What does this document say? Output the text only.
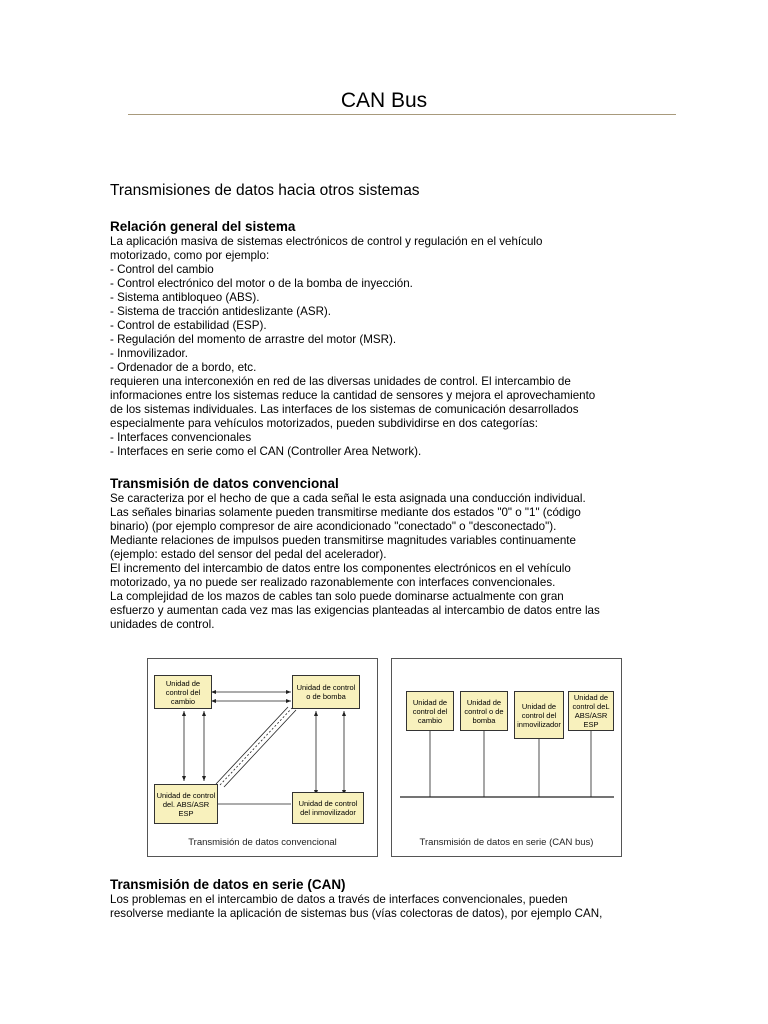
CAN Bus
Transmisiones de datos hacia otros sistemas
Relación general del sistema

La aplicación masiva de sistemas electrónicos de control y regulación en el vehículo

motorizado, como por ejemplo:

- Control del cambio

- Control electrónico del motor o de la bomba de inyección.

- Sistema antibloqueo (ABS).

- Sistema de tracción antideslizante (ASR).

- Control de estabilidad (ESP).

- Regulación del momento de arrastre del motor (MSR).

- Inmovilizador.

- Ordenador de a bordo, etc.

requieren una interconexión en red de las diversas unidades de control. El intercambio de

informaciones entre los sistemas reduce la cantidad de sensores y mejora el aprovechamiento

de los sistemas individuales. Las interfaces de los sistemas de comunicación desarrollados

especialmente para vehículos motorizados, pueden subdividirse en dos categorías:

- Interfaces convencionales

- Interfaces en serie como el CAN (Controller Area Network).

Transmisión de datos convencional

Se caracteriza por el hecho de que a cada señal le esta asignada una conducción individual.

Las señales binarias solamente pueden transmitirse mediante dos estados "0" o "1" (código

binario) (por ejemplo compresor de aire acondicionado "conectado" o "desconectado").

Mediante relaciones de impulsos pueden transmitirse magnitudes variables continuamente

(ejemplo: estado del sensor del pedal del acelerador).

El incremento del intercambio de datos entre los componentes electrónicos en el vehículo

motorizado, ya no puede ser realizado razonablemente con interfaces convencionales.

La complejidad de los mazos de cables tan solo puede dominarse actualmente con gran

esfuerzo y aumentan cada vez mas las exigencias planteadas al intercambio de datos entre las

unidades de control.

Unidad de control del cambio
Unidad de control o de bomba
Unidad de control del. ABS/ASR ESP
Unidad de control del inmovilizador
Transmisión de datos convencional
Unidad de control del cambio
Unidad de control o de bomba
Unidad de control del inmovilizador
Unidad de control deL ABS/ASR ESP
Transmisión de datos en serie (CAN bus)
Transmisión de datos en serie (CAN)

Los problemas en el intercambio de datos a través de interfaces convencionales, pueden

resolverse mediante la aplicación de sistemas bus (vías colectoras de datos), por ejemplo CAN,
